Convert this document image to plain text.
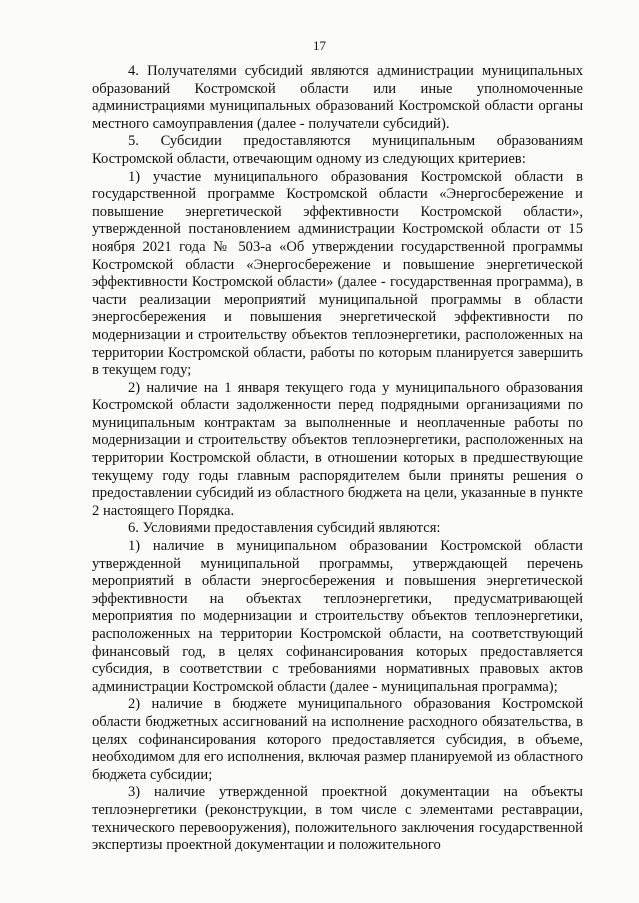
17

4. Получателями субсидий являются администрации муниципальных образований Костромской области или иные уполномоченные администрациями муниципальных образований Костромской области органы местного самоуправления (далее - получатели субсидий).

5. Субсидии предоставляются муниципальным образованиям Костромской области, отвечающим одному из следующих критериев:

1) участие муниципального образования Костромской области в государственной программе Костромской области «Энергосбережение и повышение энергетической эффективности Костромской области», утвержденной постановлением администрации Костромской области от 15 ноября 2021 года № 503-а «Об утверждении государственной программы Костромской области «Энергосбережение и повышение энергетической эффективности Костромской области» (далее - государственная программа), в части реализации мероприятий муниципальной программы в области энергосбережения и повышения энергетической эффективности по модернизации и строительству объектов теплоэнергетики, расположенных на территории Костромской области, работы по которым планируется завершить в текущем году;

2) наличие на 1 января текущего года у муниципального образования Костромской области задолженности перед подрядными организациями по муниципальным контрактам за выполненные и неоплаченные работы по модернизации и строительству объектов теплоэнергетики, расположенных на территории Костромской области, в отношении которых в предшествующие текущему году годы главным распорядителем были приняты решения о предоставлении субсидий из областного бюджета на цели, указанные в пункте 2 настоящего Порядка.

6. Условиями предоставления субсидий являются:

1) наличие в муниципальном образовании Костромской области утвержденной муниципальной программы, утверждающей перечень мероприятий в области энергосбережения и повышения энергетической эффективности на объектах теплоэнергетики, предусматривающей мероприятия по модернизации и строительству объектов теплоэнергетики, расположенных на территории Костромской области, на соответствующий финансовый год, в целях софинансирования которых предоставляется субсидия, в соответствии с требованиями нормативных правовых актов администрации Костромской области (далее - муниципальная программа);

2) наличие в бюджете муниципального образования Костромской области бюджетных ассигнований на исполнение расходного обязательства, в целях софинансирования которого предоставляется субсидия, в объеме, необходимом для его исполнения, включая размер планируемой из областного бюджета субсидии;

3) наличие утвержденной проектной документации на объекты теплоэнергетики (реконструкции, в том числе с элементами реставрации, технического перевооружения), положительного заключения государственной экспертизы проектной документации и положительного
